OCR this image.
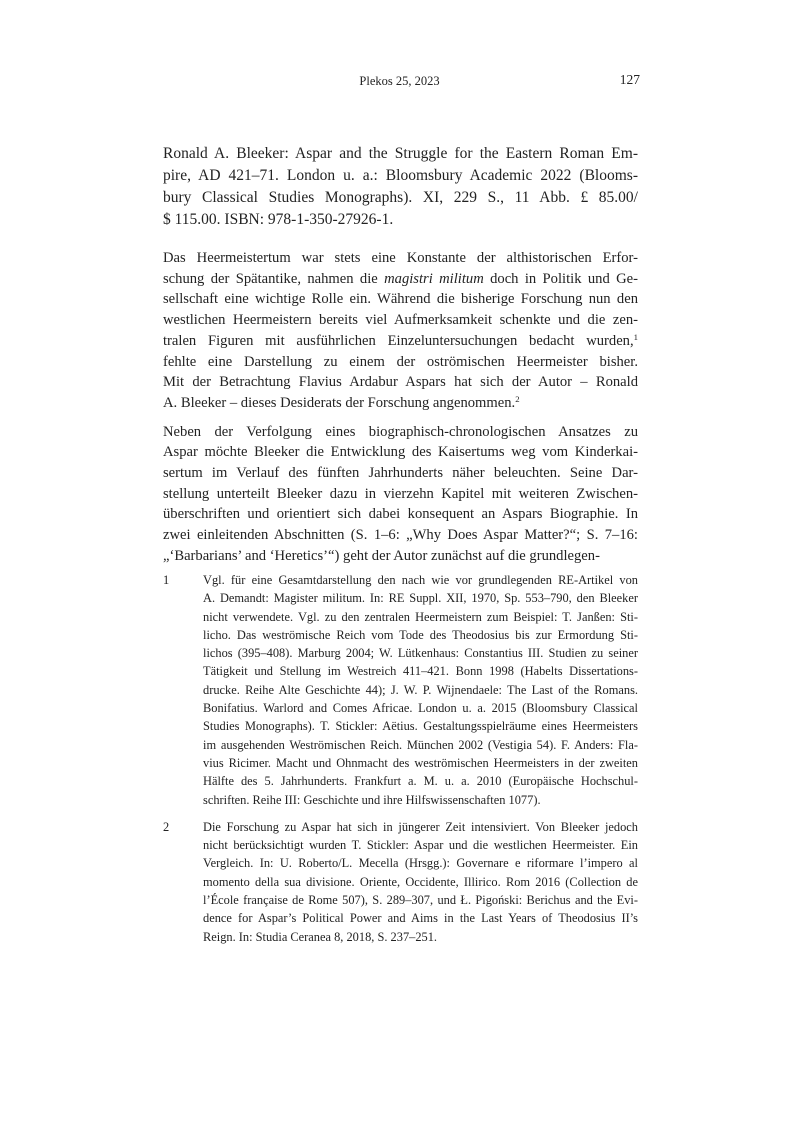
Plekos 25, 2023	127
Ronald A. Bleeker: Aspar and the Struggle for the Eastern Roman Em-
pire, AD 421–71. London u. a.: Bloomsbury Academic 2022 (Blooms-
bury Classical Studies Monographs). XI, 229 S., 11 Abb. £ 85.00/
$ 115.00. ISBN: 978-1-350-27926-1.
Das Heermeistertum war stets eine Konstante der althistorischen Erfor-
schung der Spätantike, nahmen die magistri militum doch in Politik und Ge-
sellschaft eine wichtige Rolle ein. Während die bisherige Forschung nun den
westlichen Heermeistern bereits viel Aufmerksamkeit schenkte und die zen-
tralen Figuren mit ausführlichen Einzeluntersuchungen bedacht wurden,$^1$
fehlte eine Darstellung zu einem der oströmischen Heermeister bisher.
Mit der Betrachtung Flavius Ardabur Aspars hat sich der Autor – Ronald
A. Bleeker – dieses Desiderats der Forschung angenommen.$^2$
Neben der Verfolgung eines biographisch-chronologischen Ansatzes zu
Aspar möchte Bleeker die Entwicklung des Kaisertums weg vom Kinderkai-
sertum im Verlauf des fünften Jahrhunderts näher beleuchten. Seine Dar-
stellung unterteilt Bleeker dazu in vierzehn Kapitel mit weiteren Zwischen-
überschriften und orientiert sich dabei konsequent an Aspars Biographie. In
zwei einleitenden Abschnitten (S. 1–6: „Why Does Aspar Matter?“; S. 7–16:
„‘Barbarians’ and ‘Heretics’“) geht der Autor zunächst auf die grundlegen-
1	Vgl. für eine Gesamtdarstellung den nach wie vor grundlegenden RE-Artikel von
A. Demandt: Magister militum. In: RE Suppl. XII, 1970, Sp. 553–790, den Bleeker
nicht verwendete. Vgl. zu den zentralen Heermeistern zum Beispiel: T. Janßen: Sti-
licho. Das weströmische Reich vom Tode des Theodosius bis zur Ermordung Sti-
lichos (395–408). Marburg 2004; W. Lütkenhaus: Constantius III. Studien zu seiner
Tätigkeit und Stellung im Westreich 411–421. Bonn 1998 (Habelts Dissertations-
drucke. Reihe Alte Geschichte 44); J. W. P. Wijnendaele: The Last of the Romans.
Bonifatius. Warlord and Comes Africae. London u. a. 2015 (Bloomsbury Classical
Studies Monographs). T. Stickler: Aëtius. Gestaltungsspielräume eines Heermeisters
im ausgehenden Weströmischen Reich. München 2002 (Vestigia 54). F. Anders: Fla-
vius Ricimer. Macht und Ohnmacht des weströmischen Heermeisters in der zweiten
Hälfte des 5. Jahrhunderts. Frankfurt a. M. u. a. 2010 (Europäische Hochschul-
schriften. Reihe III: Geschichte und ihre Hilfswissenschaften 1077).
2	Die Forschung zu Aspar hat sich in jüngerer Zeit intensiviert. Von Bleeker jedoch
nicht berücksichtigt wurden T. Stickler: Aspar und die westlichen Heermeister. Ein
Vergleich. In: U. Roberto/L. Mecella (Hrsgg.): Governare e riformare l’impero al
momento della sua divisione. Oriente, Occidente, Illirico. Rom 2016 (Collection de
l’École française de Rome 507), S. 289–307, und Ł. Pigoński: Berichus and the Evi-
dence for Aspar’s Political Power and Aims in the Last Years of Theodosius II’s
Reign. In: Studia Ceranea 8, 2018, S. 237–251.
